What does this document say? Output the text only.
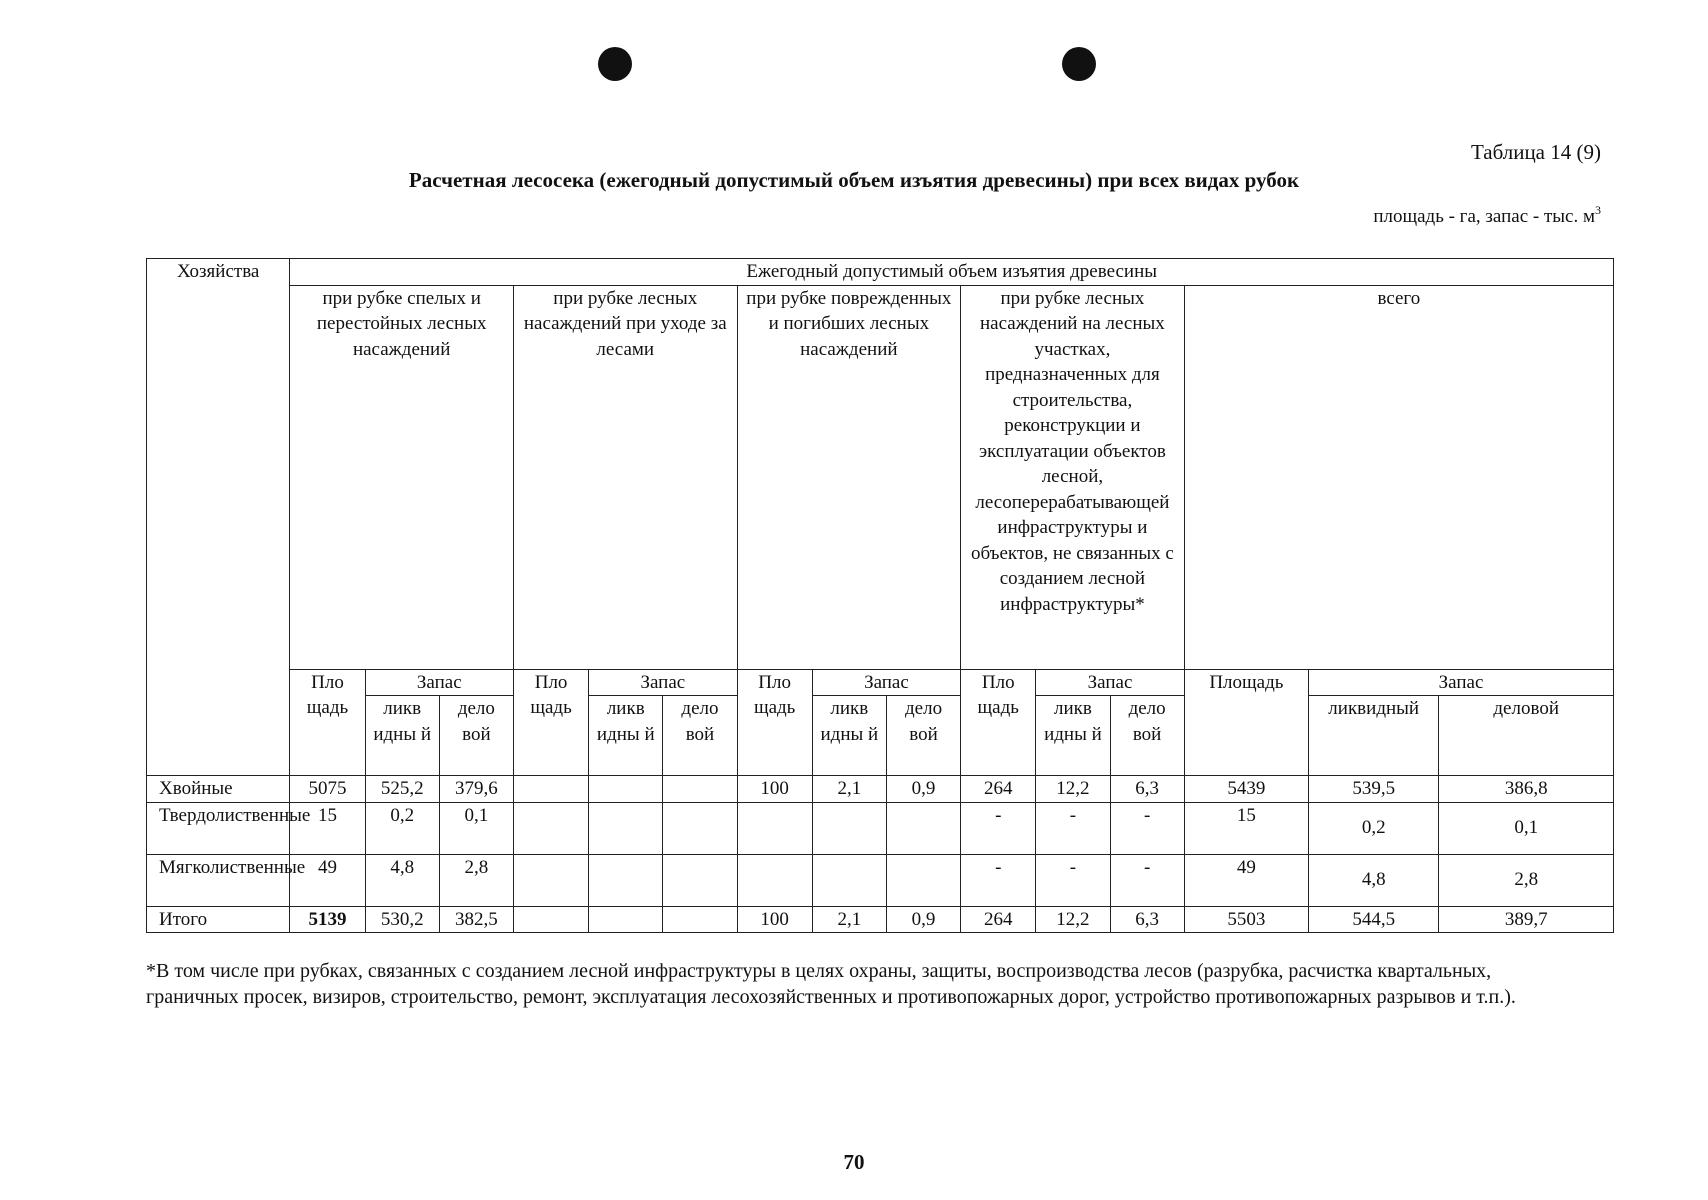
Таблица 14 (9)
Расчетная лесосека (ежегодный допустимый объем изъятия древесины) при всех видах рубок
площадь - га, запас - тыс. $м^3$
Хозяйства	Ежегодный допустимый объем изъятия древесины														
	при рубке спелых и перестойных лесных насаждений			при рубке лесных насаждений при уходе за лесами			при рубке поврежденных и погибших лесных насаждений			при рубке лесных насаждений на лесных участках, предназначенных для строительства, реконструкции и эксплуатации объектов лесной, лесоперерабатывающей инфраструктуры и объектов, не связанных с созданием лесной инфраструктуры*			всего		
	Пло щадь	Запас		Пло щадь	Запас		Пло щадь	Запас		Пло щадь	Запас		Площадь	Запас	
		ликв идны й	дело вой		ликв идны й	дело вой		ликв идны й	дело вой		ликв идны й	дело вой		ликвидный	деловой
Хвойные	5075	525,2	379,6				100	2,1	0,9	264	12,2	6,3	5439	539,5	386,8
Твердолиственные	15	0,2	0,1							-	-	-	15	0,2	0,1
Мягколиственные	49	4,8	2,8							-	-	-	49	4,8	2,8
Итого	5139	530,2	382,5				100	2,1	0,9	264	12,2	6,3	5503	544,5	389,7
*В том числе при рубках, связанных с созданием лесной инфраструктуры в целях охраны, защиты, воспроизводства лесов (разрубка, расчистка квартальных, граничных просек, визиров, строительство, ремонт, эксплуатация лесохозяйственных и противопожарных дорог, устройство противопожарных разрывов и т.п.).
70
